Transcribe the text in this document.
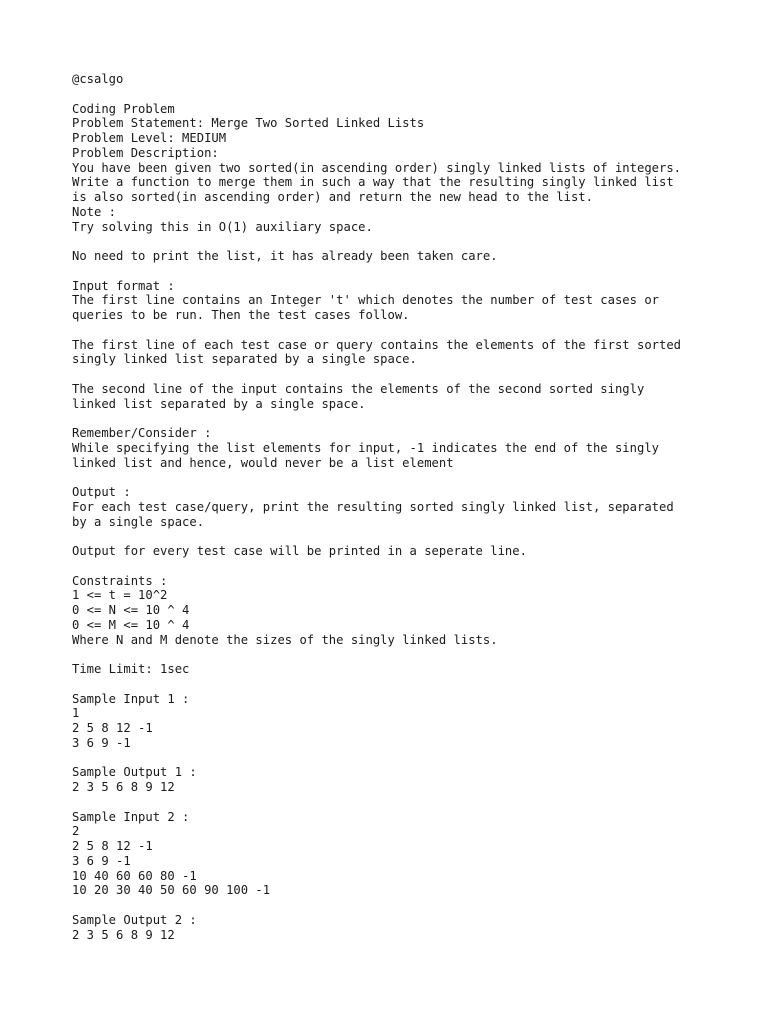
@csalgo
Coding Problem
Problem Statement: Merge Two Sorted Linked Lists
Problem Level: MEDIUM
Problem Description:
You have been given two sorted(in ascending order) singly linked lists of integers.
Write a function to merge them in such a way that the resulting singly linked list
is also sorted(in ascending order) and return the new head to the list.
Note :
Try solving this in O(1) auxiliary space.
No need to print the list, it has already been taken care.
Input format :
The first line contains an Integer 't' which denotes the number of test cases or
queries to be run. Then the test cases follow.
The first line of each test case or query contains the elements of the first sorted
singly linked list separated by a single space.
The second line of the input contains the elements of the second sorted singly
linked list separated by a single space.
Remember/Consider :
While specifying the list elements for input, -1 indicates the end of the singly
linked list and hence, would never be a list element
Output :
For each test case/query, print the resulting sorted singly linked list, separated
by a single space.
Output for every test case will be printed in a seperate line.
Constraints :
1 <= t = 10^2
0 <= N <= 10 ^ 4
0 <= M <= 10 ^ 4
Where N and M denote the sizes of the singly linked lists.
Time Limit: 1sec
Sample Input 1 :
1
2 5 8 12 -1
3 6 9 -1
Sample Output 1 :
2 3 5 6 8 9 12
Sample Input 2 :
2
2 5 8 12 -1
3 6 9 -1
10 40 60 60 80 -1
10 20 30 40 50 60 90 100 -1
Sample Output 2 :
2 3 5 6 8 9 12
